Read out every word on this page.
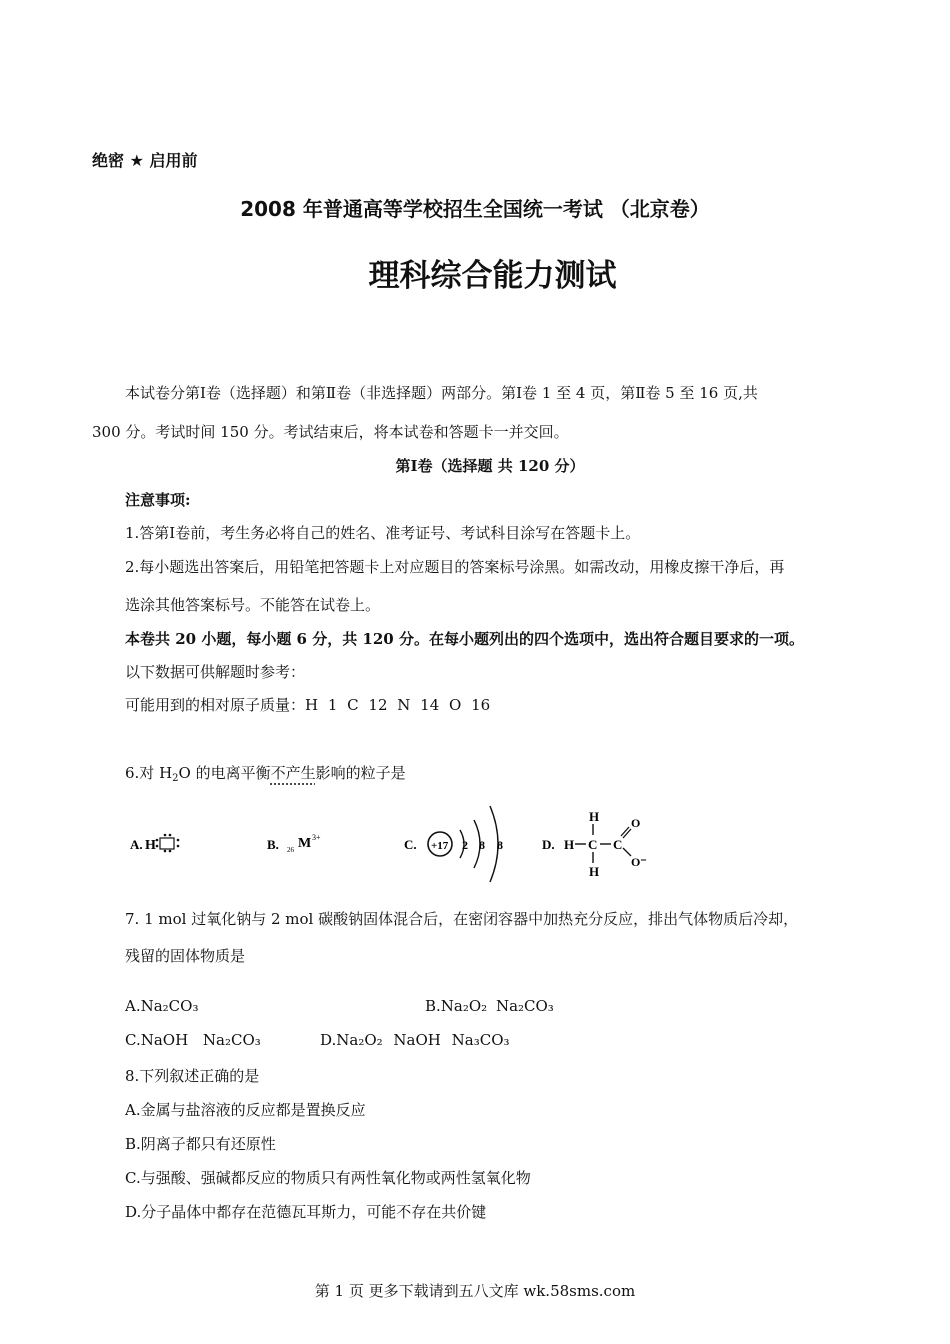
绝密 ★ 启用前
2008 年普通高等学校招生全国统一考试 （北京卷）
理科综合能力测试
本试卷分第Ⅰ卷（选择题）和第Ⅱ卷（非选择题）两部分。第Ⅰ卷 1 至 4 页，第Ⅱ卷 5 至 16 页,共
300 分。考试时间 150 分。考试结束后，将本试卷和答题卡一并交回。
第Ⅰ卷（选择题 共 120 分）
注意事项:
1.答第Ⅰ卷前，考生务必将自己的姓名、准考证号、考试科目涂写在答题卡上。
2.每小题选出答案后，用铅笔把答题卡上对应题目的答案标号涂黑。如需改动，用橡皮擦干净后，再
选涂其他答案标号。不能答在试卷上。
本卷共 20 小题，每小题 6 分，共 120 分。在每小题列出的四个选项中，选出符合题目要求的一项。
以下数据可供解题时参考：
可能用到的相对原子质量：H 1 C 12 N 14 O 16
6.对 $H_2O$ 的电离平衡不产生影响的粒子是
A. H	B. 26 M 3+	C. +17 2 8 8	D. H C
H
H
C
O
O⁻
7. 1 mol 过氧化钠与 2 mol 碳酸钠固体混合后，在密闭容器中加热充分反应，排出气体物质后冷却，
残留的固体物质是
A.Na₂CO₃	B.Na₂O₂ Na₂CO₃
C.NaOH Na₂CO₃	D.Na₂O₂ NaOH Na₃CO₃
8.下列叙述正确的是
A.金属与盐溶液的反应都是置换反应
B.阴离子都只有还原性
C.与强酸、强碱都反应的物质只有两性氧化物或两性氢氧化物
D.分子晶体中都存在范德瓦耳斯力，可能不存在共价键
第 1 页 更多下载请到五八文库 wk.58sms.com
